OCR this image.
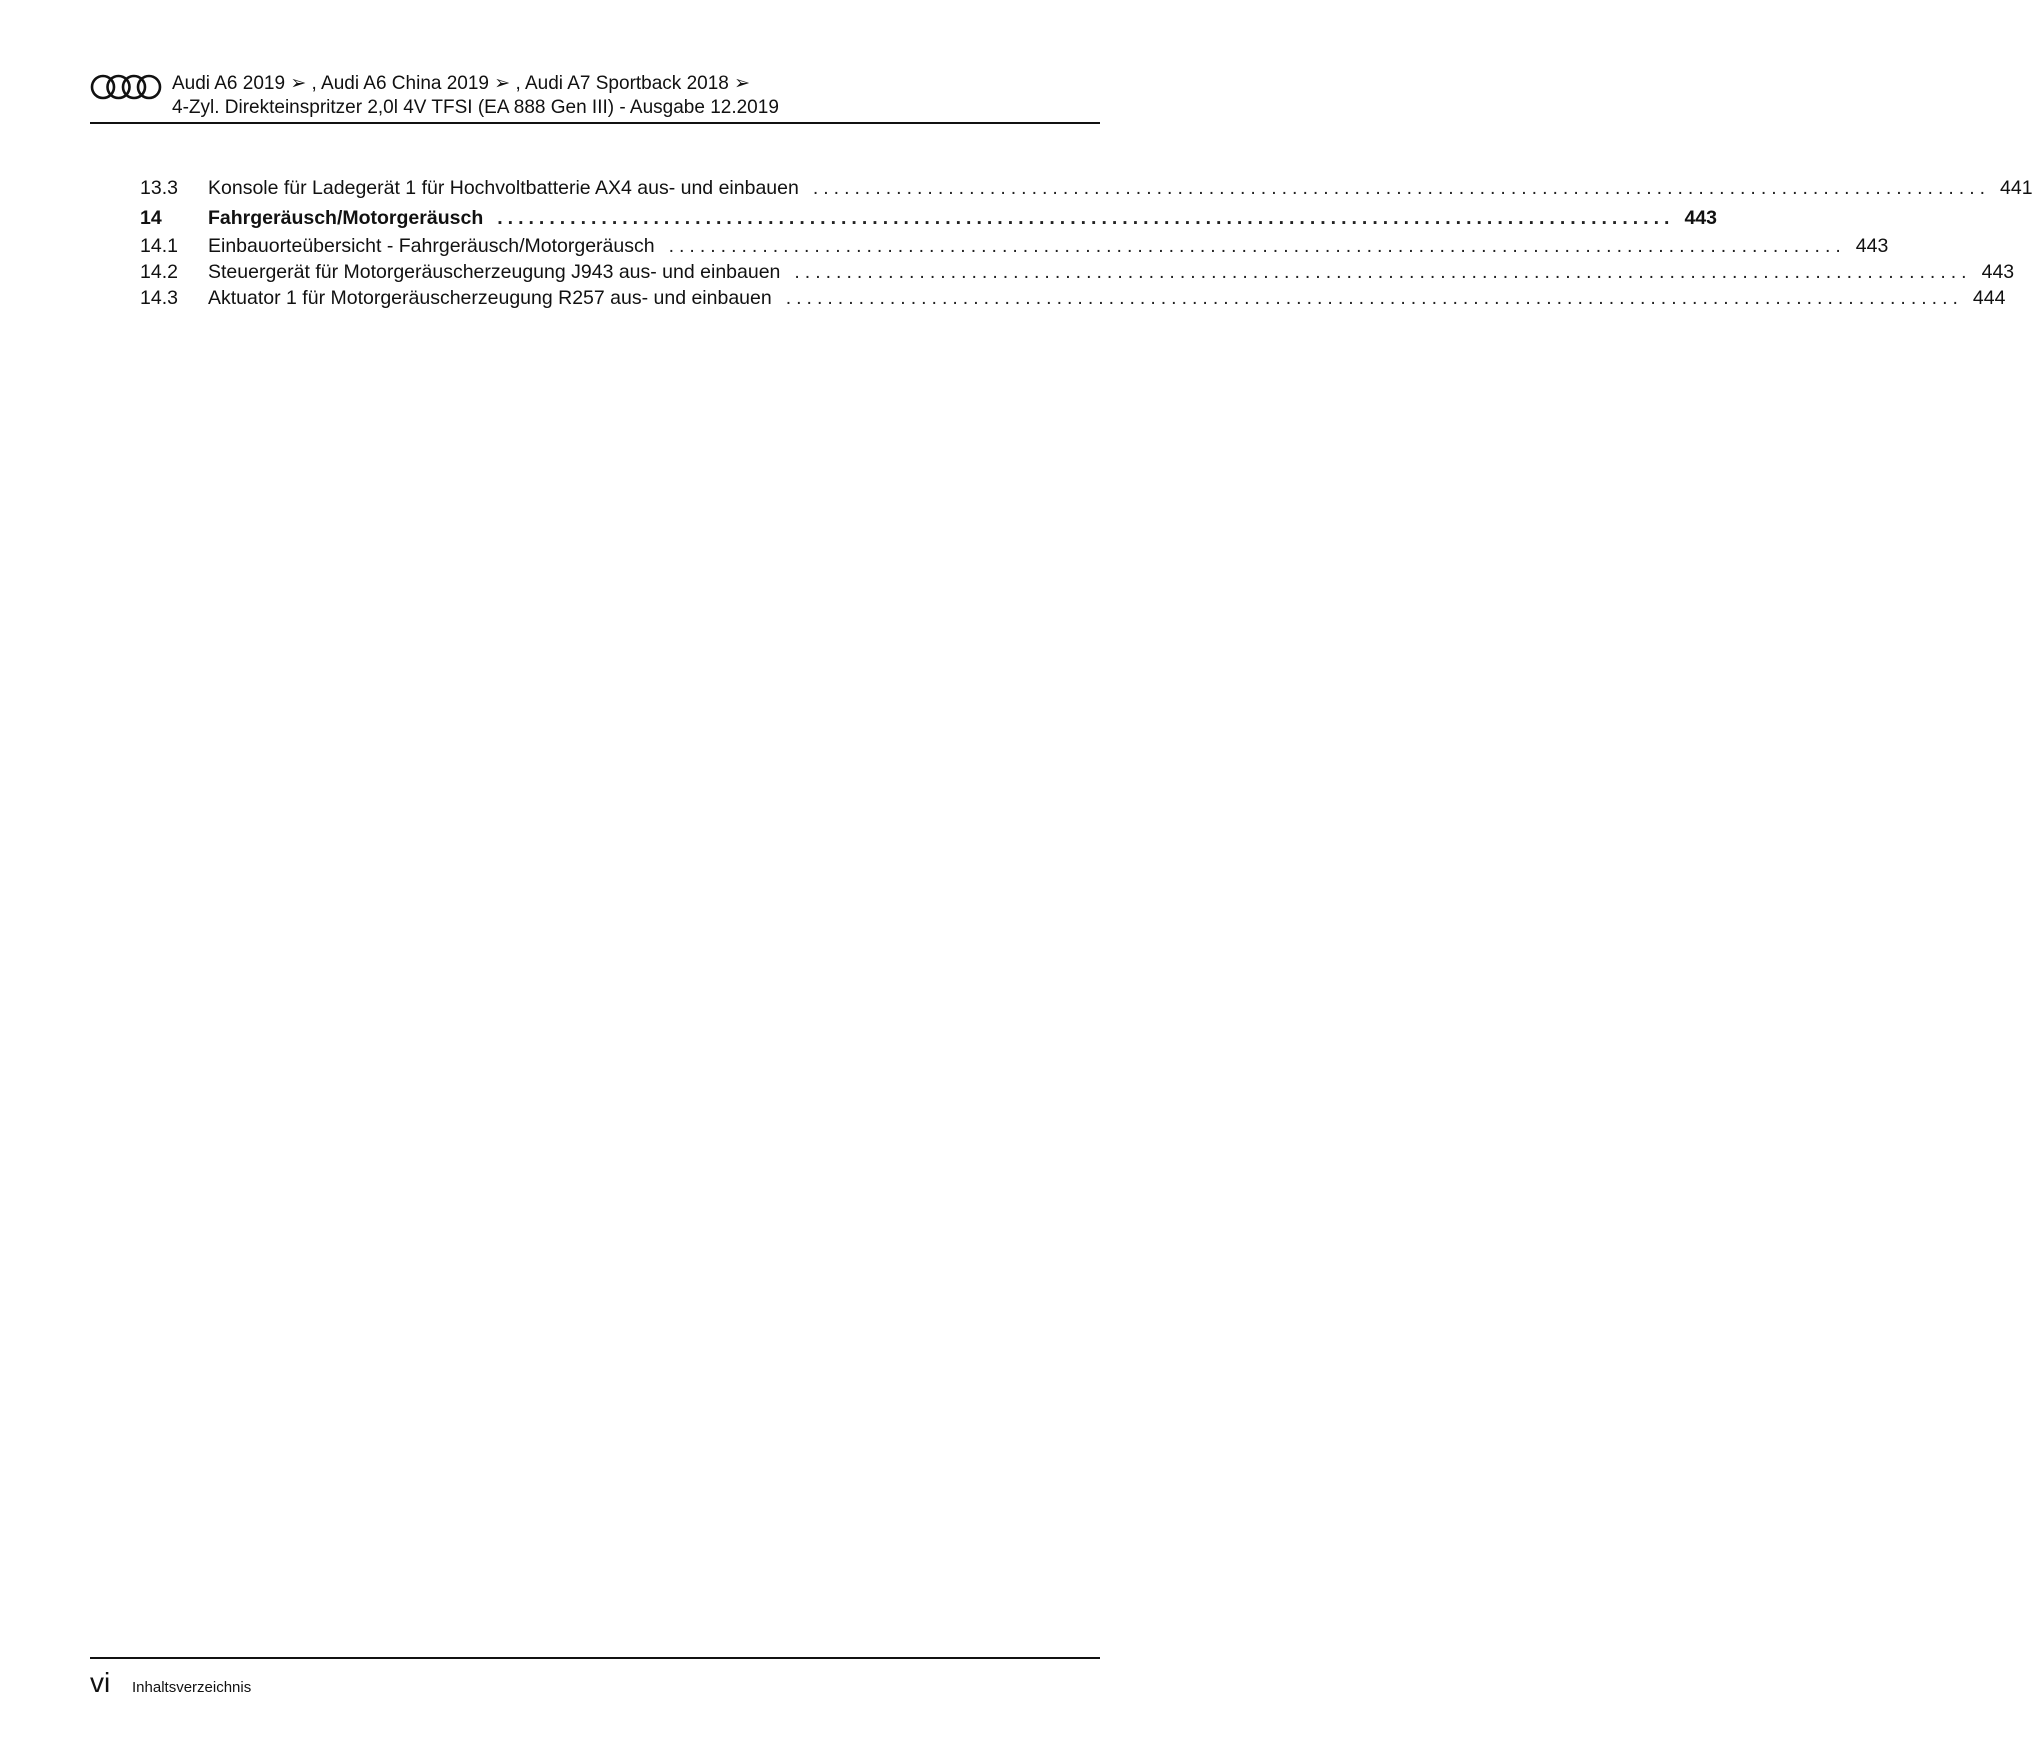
Audi A6 2019 ➢ , Audi A6 China 2019 ➢ , Audi A7 Sportback 2018 ➢
4-Zyl. Direkteinspritzer 2,0l 4V TFSI (EA 888 Gen III) - Ausgabe 12.2019
13.3	Konsole für Ladegerät 1 für Hochvoltbatterie AX4 aus- und einbauen ................................................................................................................. 441
14	Fahrgeräusch/Motorgeräusch ................................................................................................................. 443
14.1	Einbauorteübersicht - Fahrgeräusch/Motorgeräusch ................................................................................................................. 443
14.2	Steuergerät für Motorgeräuscherzeugung J943 aus- und einbauen ................................................................................................................. 443
14.3	Aktuator 1 für Motorgeräuscherzeugung R257 aus- und einbauen ................................................................................................................. 444
vi Inhaltsverzeichnis
